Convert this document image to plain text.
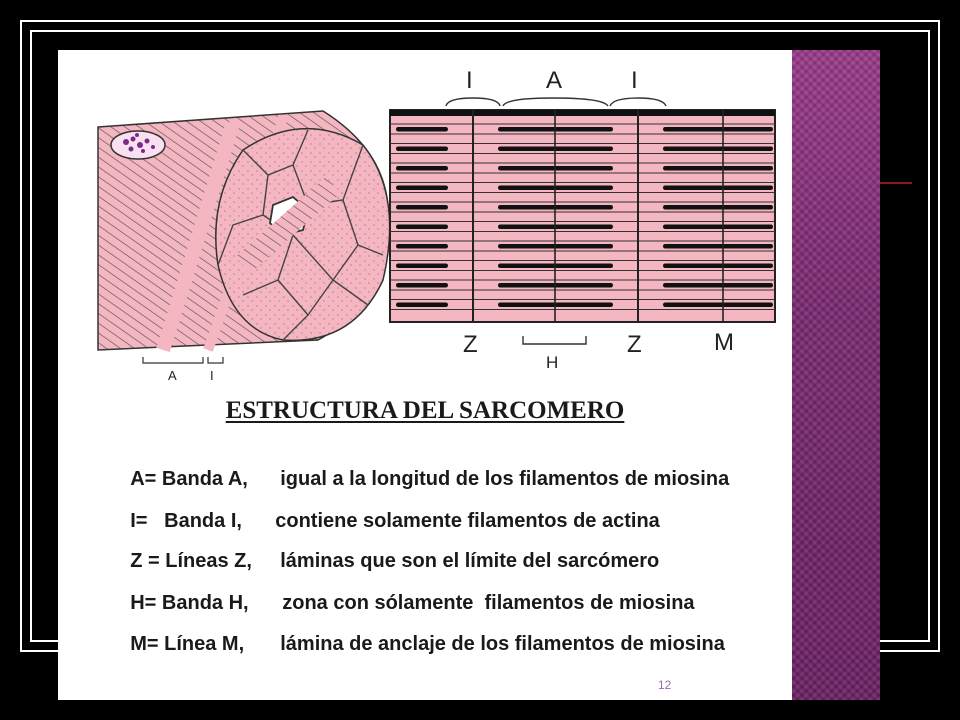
A	I
I	A	I
Z
H
Z	M
ESTRUCTURA DEL SARCOMERO

A= Banda A, igual a la longitud de los filamentos de miosina

I=   Banda I, contiene solamente filamentos de actina

Z = Líneas Z, láminas que son el límite del sarcómero

H= Banda H, zona con sólamente  filamentos de miosina

M= Línea M, lámina de anclaje de los filamentos de miosina

12
